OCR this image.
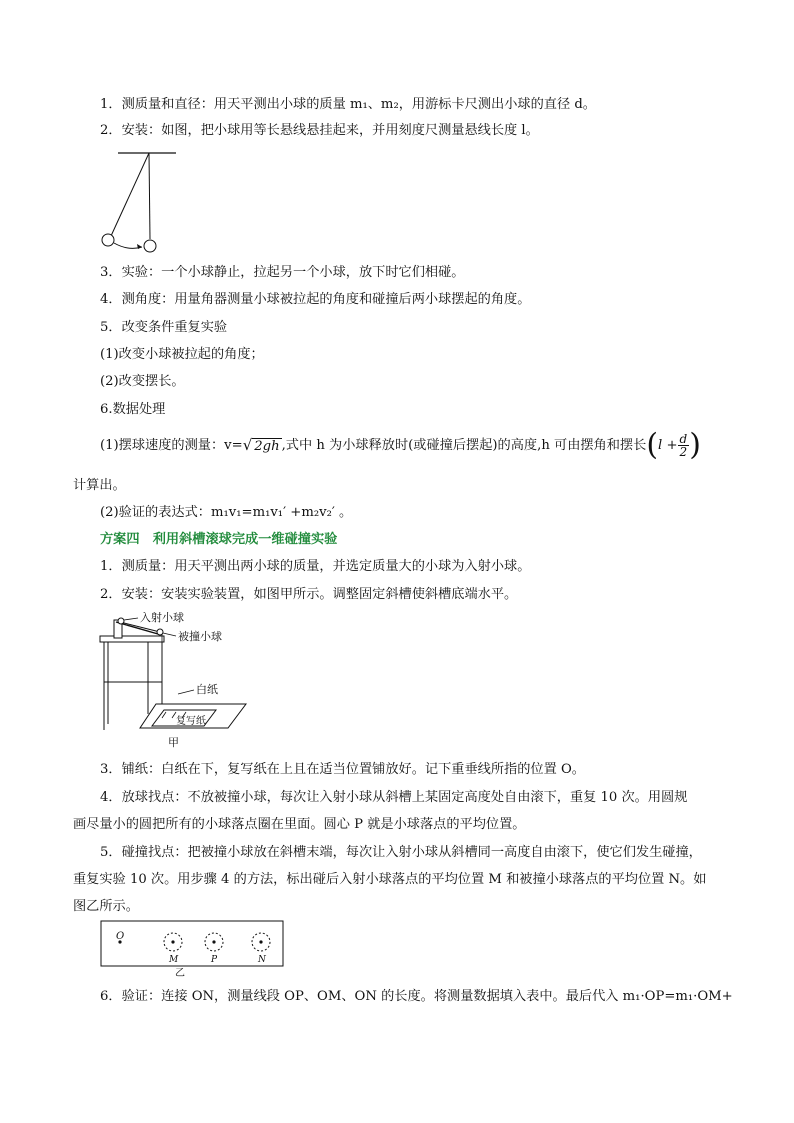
1．测质量和直径：用天平测出小球的质量 m₁、m₂，用游标卡尺测出小球的直径 d。
2．安装：如图，把小球用等长悬线悬挂起来，并用刻度尺测量悬线长度 l。
3．实验：一个小球静止，拉起另一个小球，放下时它们相碰。
4．测角度：用量角器测量小球被拉起的角度和碰撞后两小球摆起的角度。
5．改变条件重复实验
(1)改变小球被拉起的角度；
(2)改变摆长。
6.数据处理
(1)摆球速度的测量：v=√ 2gh ,式中 h 为小球释放时(或碰撞后摆起)的高度,h 可由摆角和摆长($l + \frac{d}{2}$ )
计算出。
(2)验证的表达式：m₁v₁=m₁v₁′ +m₂v₂′ 。
方案四　利用斜槽滚球完成一维碰撞实验
1．测质量：用天平测出两小球的质量，并选定质量大的小球为入射小球。
2．安装：安装实验装置，如图甲所示。调整固定斜槽使斜槽底端水平。
入射小球
被撞小球
白纸
复写纸
甲
3．铺纸：白纸在下，复写纸在上且在适当位置铺放好。记下重垂线所指的位置 O。
4．放球找点：不放被撞小球，每次让入射小球从斜槽上某固定高度处自由滚下，重复 10 次。用圆规
画尽量小的圆把所有的小球落点圈在里面。圆心 P 就是小球落点的平均位置。
5．碰撞找点：把被撞小球放在斜槽末端，每次让入射小球从斜槽同一高度自由滚下，使它们发生碰撞，
重复实验 10 次。用步骤 4 的方法，标出碰后入射小球落点的平均位置 M 和被撞小球落点的平均位置 N。如
图乙所示。
O
M	P	N
乙
6．验证：连接 ON，测量线段 OP、OM、ON 的长度。将测量数据填入表中。最后代入 m₁·OP=m₁·OM+
